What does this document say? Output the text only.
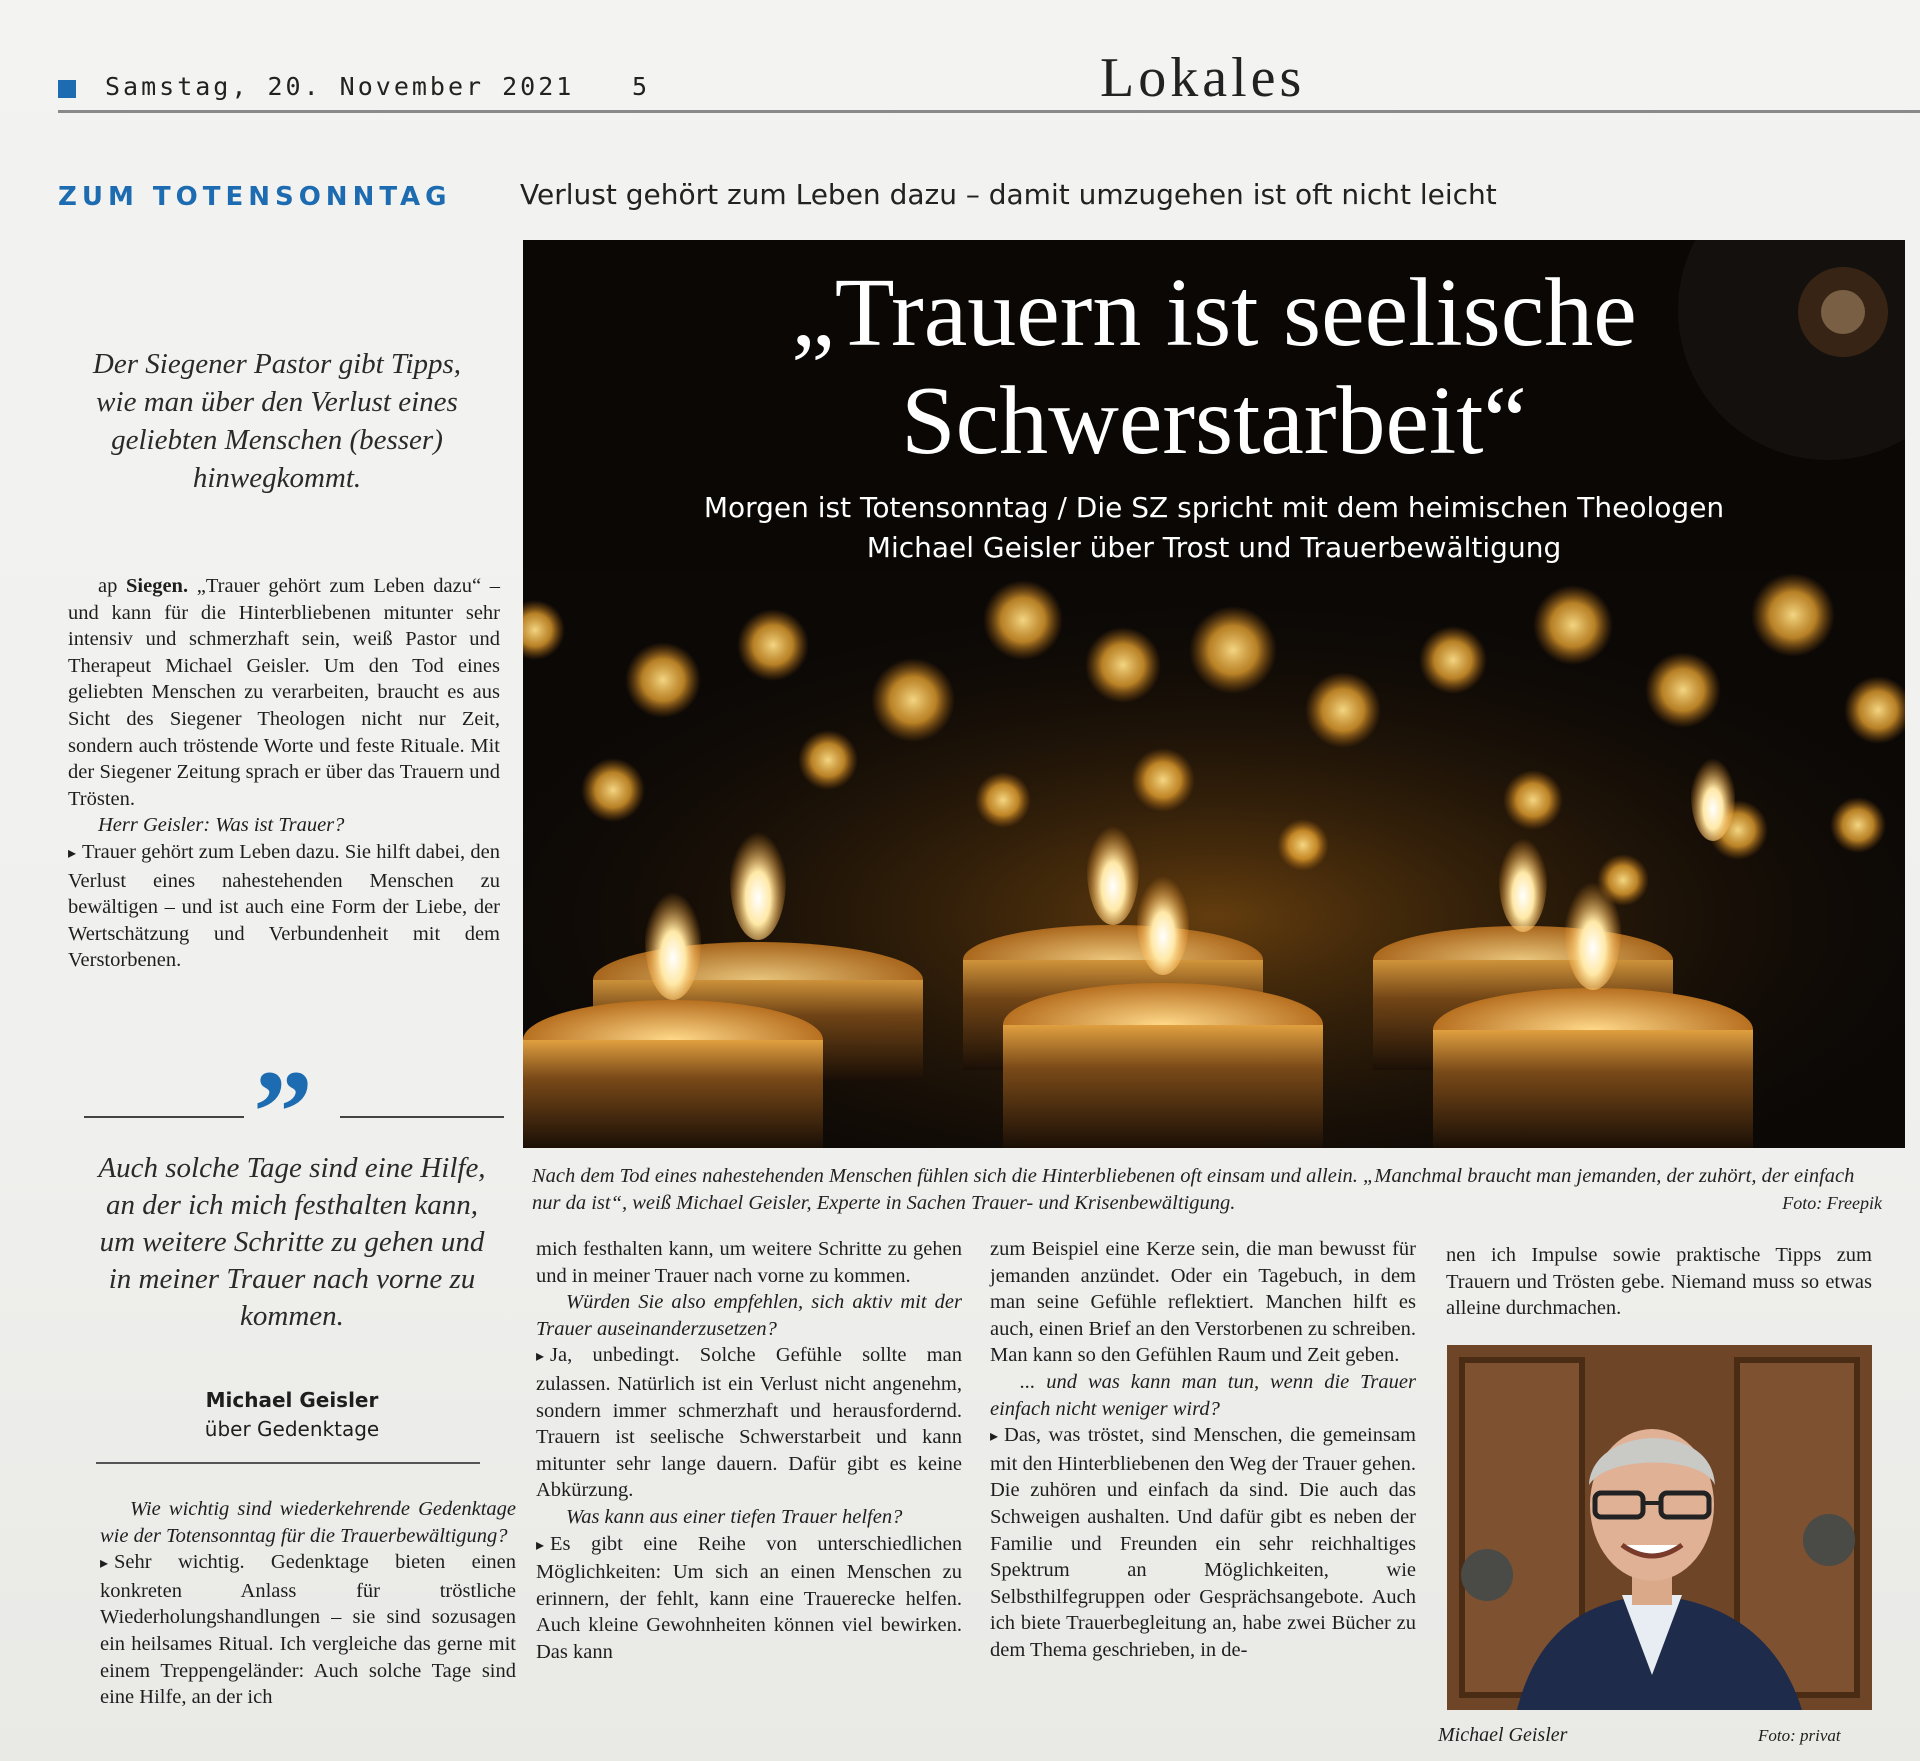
Samstag, 20. November 2021 5	Lokales
ZUM TOTENSONNTAG Verlust gehört zum Leben dazu – damit umzugehen ist oft nicht leicht
„Trauern ist seelische
Schwerstarbeit“
Morgen ist Totensonntag / Die SZ spricht mit dem heimischen Theologen
Michael Geisler über Trost und Trauerbewältigung
Nach dem Tod eines nahestehenden Menschen fühlen sich die Hinterbliebenen oft einsam und allein. „Manchmal braucht man jemanden, der zuhört, der einfach nur da ist“, weiß Michael Geisler, Experte in Sachen Trauer- und Krisenbewältigung.	Foto: Freepik
Der Siegener Pastor gibt Tipps, wie man über den Verlust eines geliebten Menschen (besser) hinwegkommt.

ap Siegen. „Trauer gehört zum Leben dazu“ – und kann für die Hinterbliebenen mitunter sehr intensiv und schmerzhaft sein, weiß Pastor und Therapeut Michael Geisler. Um den Tod eines geliebten Menschen zu verarbeiten, braucht es aus Sicht des Siegener Theologen nicht nur Zeit, sondern auch tröstende Worte und feste Rituale. Mit der Siegener Zeitung sprach er über das Trauern und Trösten.

Herr Geisler: Was ist Trauer?

▸ Trauer gehört zum Leben dazu. Sie hilft dabei, den Verlust eines nahestehenden Menschen zu bewältigen – und ist auch eine Form der Liebe, der Wertschätzung und Verbundenheit mit dem Verstorbenen.

”
Auch solche Tage sind eine Hilfe, an der ich mich festhalten kann, um weitere Schritte zu gehen und in meiner Trauer nach vorne zu kommen.
Michael Geisler
über Gedenktage

Wie wichtig sind wiederkehrende Gedenktage wie der Totensonntag für die Trauerbewältigung?

▸ Sehr wichtig. Gedenktage bieten einen konkreten Anlass für tröstliche Wiederholungshandlungen – sie sind sozusagen ein heilsames Ritual. Ich vergleiche das gerne mit einem Treppengeländer: Auch solche Tage sind eine Hilfe, an der ich

mich festhalten kann, um weitere Schritte zu gehen und in meiner Trauer nach vorne zu kommen.

Würden Sie also empfehlen, sich aktiv mit der Trauer auseinanderzusetzen?

▸ Ja, unbedingt. Solche Gefühle sollte man zulassen. Natürlich ist ein Verlust nicht angenehm, sondern immer schmerzhaft und herausfordernd. Trauern ist seelische Schwerstarbeit und kann mitunter sehr lange dauern. Dafür gibt es keine Abkürzung.

Was kann aus einer tiefen Trauer helfen?

▸ Es gibt eine Reihe von unterschiedlichen Möglichkeiten: Um sich an einen Menschen zu erinnern, der fehlt, kann eine Trauerecke helfen. Auch kleine Gewohnheiten können viel bewirken. Das kann

zum Beispiel eine Kerze sein, die man bewusst für jemanden anzündet. Oder ein Tagebuch, in dem man seine Gefühle reflektiert. Manchen hilft es auch, einen Brief an den Verstorbenen zu schreiben. Man kann so den Gefühlen Raum und Zeit geben.

... und was kann man tun, wenn die Trauer einfach nicht weniger wird?

▸ Das, was tröstet, sind Menschen, die gemeinsam mit den Hinterbliebenen den Weg der Trauer gehen. Die zuhören und einfach da sind. Die auch das Schweigen aushalten. Und dafür gibt es neben der Familie und Freunden ein sehr reichhaltiges Spektrum an Möglichkeiten, wie Selbsthilfegruppen oder Gesprächsangebote. Auch ich biete Trauerbegleitung an, habe zwei Bücher zu dem Thema geschrieben, in de-

nen ich Impulse sowie praktische Tipps zum Trauern und Trösten gebe. Niemand muss so etwas alleine durchmachen.

Michael Geisler	Foto: privat
